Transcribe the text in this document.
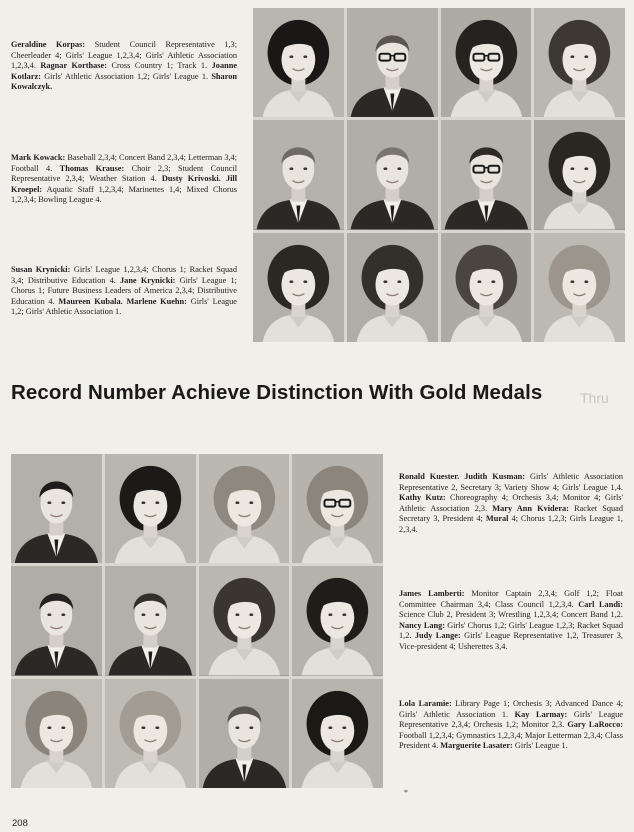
Geraldine Korpas: Student Council Representative 1,3; Cheerleader 4; Girls' League 1,2,3,4; Girls' Athletic Association 1,2,3,4. Ragnar Korthase: Cross Country 1; Track 1. Joanne Kotlarz: Girls' Athletic Association 1,2; Girls' League 1. Sharon Kowalczyk.
Mark Kowack: Baseball 2,3,4; Concert Band 2,3,4; Letterman 3,4; Football 4. Thomas Krause: Choir 2,3; Student Council Representative 2,3,4; Weather Station 4. Dusty Krivoski. Jill Kroepel: Aquatic Staff 1,2,3,4; Marinettes 1,4; Mixed Chorus 1,2,3,4; Bowling League 4.
Susan Krynicki: Girls' League 1,2,3,4; Chorus 1; Racket Squad 3,4; Distributive Education 4. Jane Krynicki: Girls' League 1; Chorus 1; Future Business Leaders of America 2,3,4; Distributive Education 4. Maureen Kubala. Marlene Kuehn: Girls' League 1,2; Girls' Athletic Association 1.
Record Number Achieve Distinction With Gold Medals	Thru
Ronald Kuester. Judith Kusman: Girls' Athletic Association Representative 2, Secretary 3; Variety Show 4; Girls' League 1,4. Kathy Kutz: Choreography 4; Orchesis 3,4; Monitor 4; Girls' Athletic Association 2,3. Mary Ann Kvidera: Racket Squad Secretary 3, President 4; Mural 4; Chorus 1,2,3; Girls League 1, 2,3,4.
James Lamberti: Monitor Captain 2,3,4; Golf 1,2; Float Committee Chairman 3,4; Class Council 1,2,3,4. Carl Landi: Science Club 2, President 3; Wrestling 1,2,3,4; Concert Band 1,2. Nancy Lang: Girls' Chorus 1,2; Girls' League 1,2,3; Racket Squad 1,2. Judy Lange: Girls' League Representative 1,2, Treasurer 3, Vice-president 4; Usherettes 3,4.
Lola Laramie: Library Page 1; Orchesis 3; Advanced Dance 4; Girls' Athletic Association 1. Kay Larmay: Girls' League Representative 2,3,4; Orchesis 1,2; Monitor 2,3. Gary LaRocco: Football 1,2,3,4; Gymnastics 1,2,3,4; Major Letterman 2,3,4; Class President 4. Marguerite Lasater: Girls' League 1.
*
208
